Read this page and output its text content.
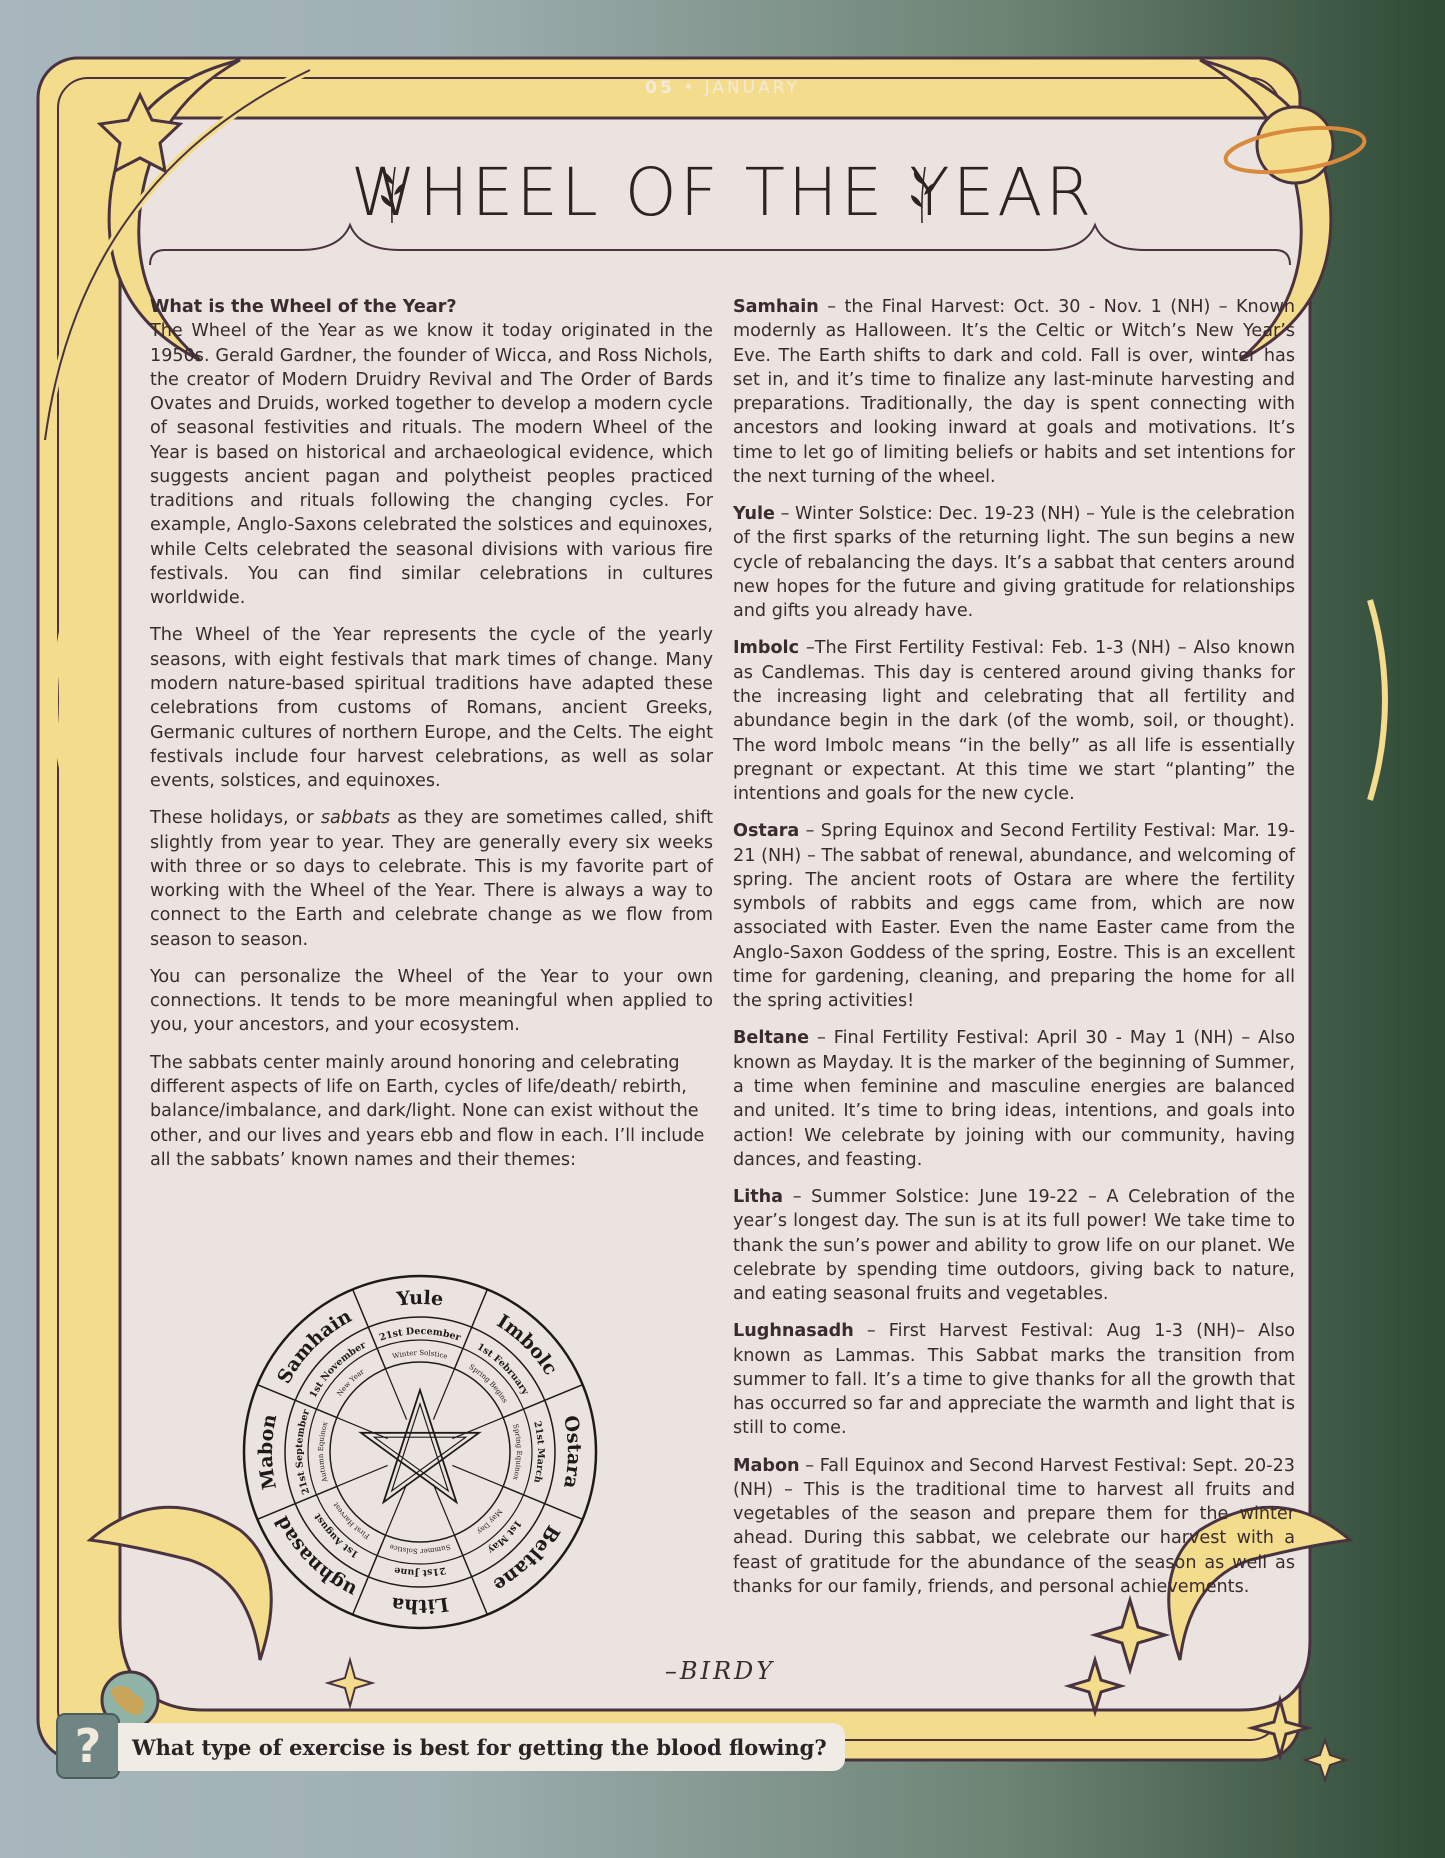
05 • JANUARY
WHEEL OF THE YEAR

What is the Wheel of the Year?
The Wheel of the Year as we know it today originated in the 1950s. Gerald Gardner, the founder of Wicca, and Ross Nichols, the creator of Modern Druidry Revival and The Order of Bards Ovates and Druids, worked together to develop a modern cycle of seasonal festivities and rituals. The modern Wheel of the Year is based on historical and archaeological evidence, which suggests ancient pagan and polytheist peoples practiced traditions and rituals following the changing cycles. For example, Anglo-Saxons celebrated the solstices and equinoxes, while Celts celebrated the seasonal divisions with various fire festivals. You can find similar celebrations in cultures worldwide.

The Wheel of the Year represents the cycle of the yearly seasons, with eight festivals that mark times of change. Many modern nature-based spiritual traditions have adapted these celebrations from customs of Romans, ancient Greeks, Germanic cultures of northern Europe, and the Celts. The eight festivals include four harvest celebrations, as well as solar events, solstices, and equinoxes.

These holidays, or sabbats as they are sometimes called, shift slightly from year to year. They are generally every six weeks with three or so days to celebrate. This is my favorite part of working with the Wheel of the Year. There is always a way to connect to the Earth and celebrate change as we flow from season to season.

You can personalize the Wheel of the Year to your own connections. It tends to be more meaningful when applied to you, your ancestors, and your ecosystem.

The sabbats center mainly around honoring and celebrating different aspects of life on Earth, cycles of life/death/ rebirth, balance/imbalance, and dark/light. None can exist without the other, and our lives and years ebb and flow in each. I’ll include all the sabbats’ known names and their themes:

Samhain – the Final Harvest: Oct. 30 - Nov. 1 (NH) – Known modernly as Halloween. It’s the Celtic or Witch’s New Year’s Eve. The Earth shifts to dark and cold. Fall is over, winter has set in, and it’s time to finalize any last-minute harvesting and preparations. Traditionally, the day is spent connecting with ancestors and looking inward at goals and motivations. It’s time to let go of limiting beliefs or habits and set intentions for the next turning of the wheel.

Yule – Winter Solstice: Dec. 19-23 (NH) – Yule is the celebration of the first sparks of the returning light. The sun begins a new cycle of rebalancing the days. It’s a sabbat that centers around new hopes for the future and giving gratitude for relationships and gifts you already have.

Imbolc –The First Fertility Festival: Feb. 1-3 (NH) – Also known as Candlemas. This day is centered around giving thanks for the increasing light and celebrating that all fertility and abundance begin in the dark (of the womb, soil, or thought). The word Imbolc means “in the belly” as all life is essentially pregnant or expectant. At this time we start “planting” the intentions and goals for the new cycle.

Ostara – Spring Equinox and Second Fertility Festival: Mar. 19-21 (NH) – The sabbat of renewal, abundance, and welcoming of spring. The ancient roots of Ostara are where the fertility symbols of rabbits and eggs came from, which are now associated with Easter. Even the name Easter came from the Anglo-Saxon Goddess of the spring, Eostre. This is an excellent time for gardening, cleaning, and preparing the home for all the spring activities!

Beltane – Final Fertility Festival: April 30 - May 1 (NH) – Also known as Mayday. It is the marker of the beginning of Summer, a time when feminine and masculine energies are balanced and united. It’s time to bring ideas, intentions, and goals into action! We celebrate by joining with our community, having dances, and feasting.

Litha – Summer Solstice: June 19-22 – A Celebration of the year’s longest day. The sun is at its full power! We take time to thank the sun’s power and ability to grow life on our planet. We celebrate by spending time outdoors, giving back to nature, and eating seasonal fruits and vegetables.

Lughnasadh – First Harvest Festival: Aug 1-3 (NH)– Also known as Lammas. This Sabbat marks the transition from summer to fall. It’s a time to give thanks for all the growth that has occurred so far and appreciate the warmth and light that is still to come.

Mabon – Fall Equinox and Second Harvest Festival: Sept. 20-23 (NH) – This is the traditional time to harvest all fruits and vegetables of the season and prepare them for the winter ahead. During this sabbat, we celebrate our harvest with a feast of gratitude for the abundance of the season as well as thanks for our family, friends, and personal achievements.

Yule
Imbolc
Ostara
Beltane
Litha
ughnasad
Mabon
Samhain
21st December
1st February
21st March
1st May
21st June
1st August
21st September
1st November
Winter Solstice
Spring Begins
Spring Equinox
May Day
Summer Solstice
First Harvest
Autumn Equinox
New Year
–BIRDY
? What type of exercise is best for getting the blood flowing?
